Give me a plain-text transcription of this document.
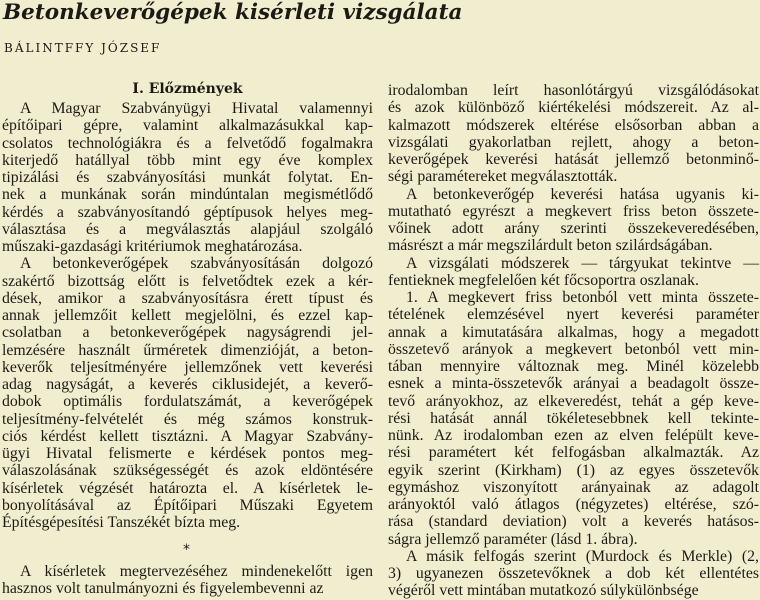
Betonkeverőgépek kisérleti vizsgálata
BÁLINTFFY JÓZSEF
I. Előzmények

A Magyar Szabványügyi Hivatal valamennyi
építőipari gépre, valamint alkalmazásukkal kap-
csolatos technológiákra és a felvetődő fogalmakra
kiterjedő hatállyal több mint egy éve komplex
tipizálási és szabványosítási munkát folytat. En-
nek a munkának során mindúntalan megismétlődő
kérdés a szabványosítandó géptípusok helyes meg-
választása és a megválasztás alapjául szolgáló
műszaki-gazdasági kritériumok meghatározása.

A betonkeverőgépek szabványosításán dolgozó
szakértő bizottság előtt is felvetődtek ezek a kér-
dések, amikor a szabványosításra érett típust és
annak jellemzőit kellett megjelölni, és ezzel kap-
csolatban a betonkeverőgépek nagyságrendi jel-
lemzésére használt űrméretek dimenzióját, a beton-
keverők teljesítményére jellemzőnek vett keverési
adag nagyságát, a keverés ciklusidejét, a keverő-
dobok optimális fordulatszámát, a keverőgépek
teljesítmény-felvételét és még számos konstruk-
ciós kérdést kellett tisztázni. A Magyar Szabvány-
ügyi Hivatal felismerte e kérdések pontos meg-
válaszolásának szükségességét és azok eldöntésére
kísérletek végzését határozta el. A kísérletek le-
bonyolításával az Építőipari Műszaki Egyetem
Építésgépesítési Tanszékét bízta meg.

*

A kísérletek megtervezéséhez mindenekelőtt igen
hasznos volt tanulmányozni és figyelembevenni az

irodalomban leírt hasonlótárgyú vizsgálódásokat
és azok különböző kiértékelési módszereit. Az al-
kalmazott módszerek eltérése elsősorban abban a
vizsgálati gyakorlatban rejlett, ahogy a beton-
keverőgépek keverési hatását jellemző betonminő-
ségi paramétereket megválasztották.

A betonkeverőgép keverési hatása ugyanis ki-
mutatható egyrészt a megkevert friss beton összete-
vőinek adott arány szerinti összekeveredésében,
másrészt a már megszilárdult beton szilárdságában.

A vizsgálati módszerek — tárgyukat tekintve —
fentieknek megfelelően két főcsoportra oszlanak.

1. A megkevert friss betonból vett minta összete-
tételének elemzésével nyert keverési paraméter
annak a kimutatására alkalmas, hogy a megadott
összetevő arányok a megkevert betonból vett min-
tában mennyire változnak meg. Minél közelebb
esnek a minta-összetevők arányai a beadagolt össze-
tevő arányokhoz, az elkeveredést, tehát a gép keve-
rési hatását annál tökéletesebbnek kell tekinte-
nünk. Az irodalomban ezen az elven felépült keve-
rési paramétert két felfogásban alkalmazták. Az
egyik szerint (Kirkham) (1) az egyes összetevők
egymáshoz viszonyított arányainak az adagolt
arányoktól való átlagos (négyzetes) eltérése, szó-
rása (standard deviation) volt a keverés hatásos-
ságra jellemző paraméter (lásd 1. ábra).

A másik felfogás szerint (Murdock és Merkle) (2,
3) ugyanezen összetevőknek a dob két ellentétes
végéről vett mintában mutatkozó súlykülönbsége
